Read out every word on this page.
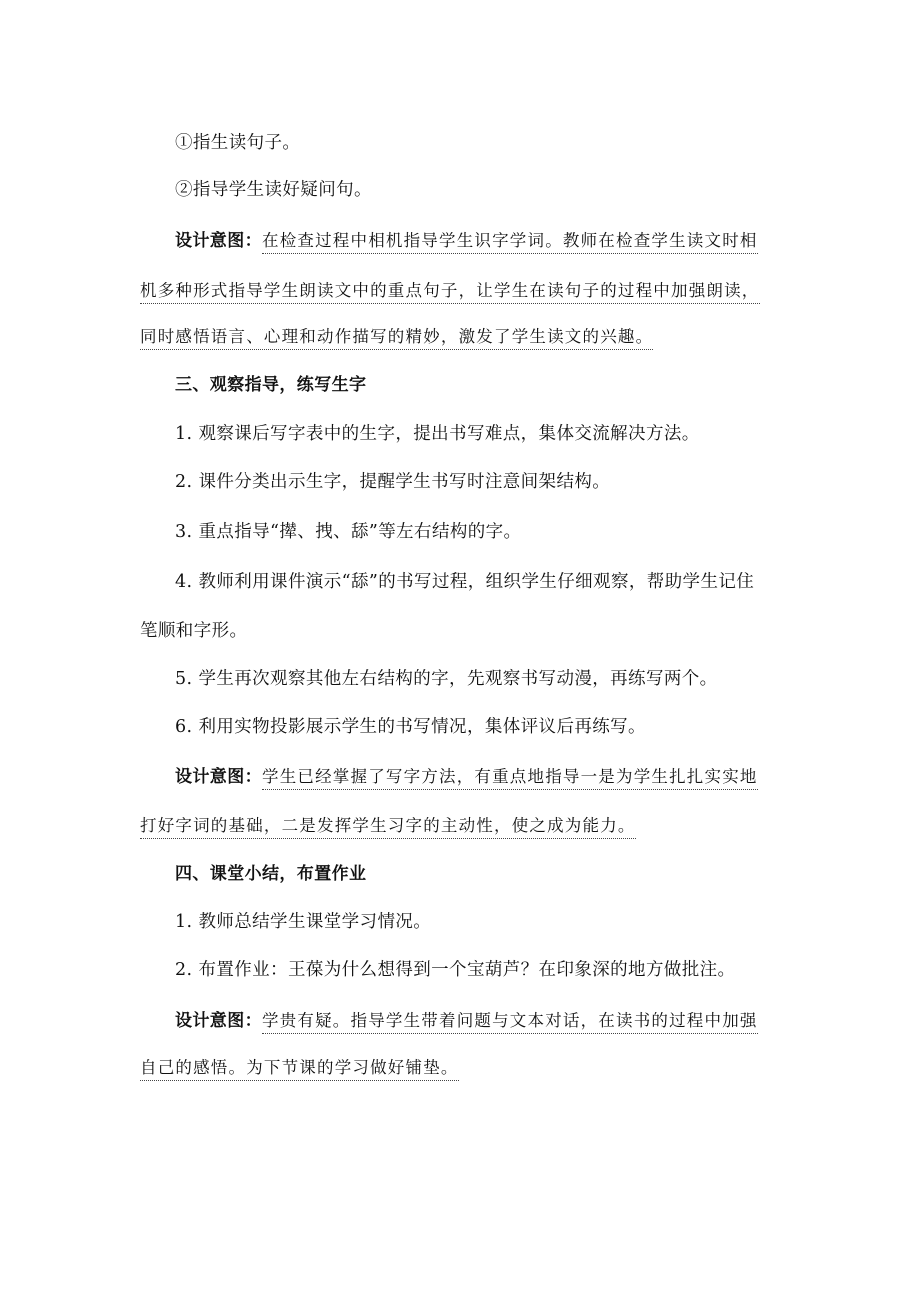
①指生读句子。
②指导学生读好疑问句。
设计意图：在检查过程中相机指导学生识字学词。教师在检查学生读文时相
机多种形式指导学生朗读文中的重点句子，让学生在读句子的过程中加强朗读，
同时感悟语言、心理和动作描写的精妙，激发了学生读文的兴趣。
三、观察指导，练写生字
1. 观察课后写字表中的生字，提出书写难点，集体交流解决方法。
2. 课件分类出示生字，提醒学生书写时注意间架结构。
3. 重点指导“撵、拽、舔”等左右结构的字。
4. 教师利用课件演示“舔”的书写过程，组织学生仔细观察，帮助学生记住
笔顺和字形。
5. 学生再次观察其他左右结构的字，先观察书写动漫，再练写两个。
6. 利用实物投影展示学生的书写情况，集体评议后再练写。
设计意图：学生已经掌握了写字方法，有重点地指导一是为学生扎扎实实地
打好字词的基础，二是发挥学生习字的主动性，使之成为能力。
四、课堂小结，布置作业
1. 教师总结学生课堂学习情况。
2. 布置作业：王葆为什么想得到一个宝葫芦？在印象深的地方做批注。
设计意图：学贵有疑。指导学生带着问题与文本对话，在读书的过程中加强
自己的感悟。为下节课的学习做好铺垫。
